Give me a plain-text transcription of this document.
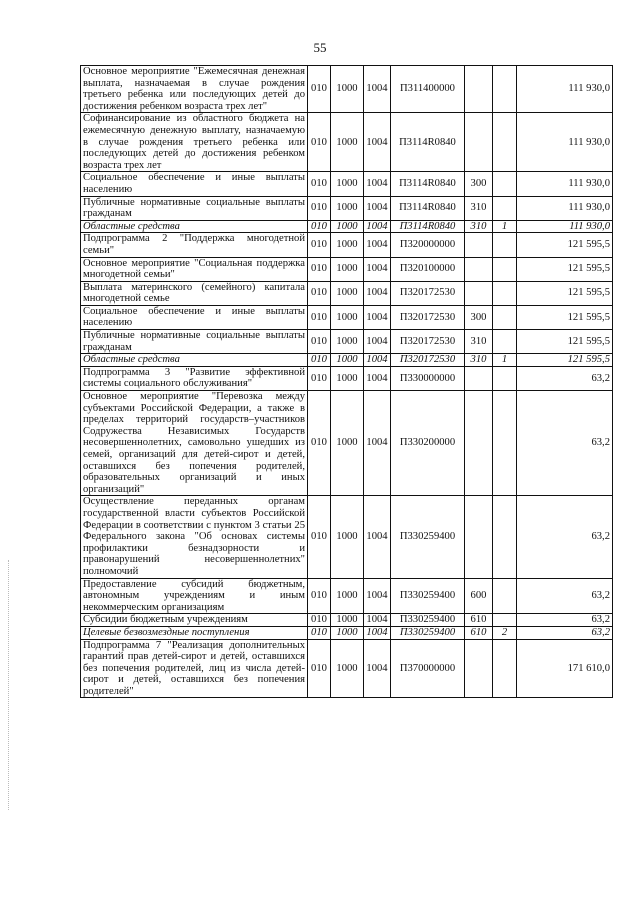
55
Основное мероприятие "Ежемесячная денежная выплата, назначаемая в случае рождения третьего ребенка или последующих детей до достижения ребенком возраста трех лет"	010	1000	1004	П311400000			111 930,0
Софинансирование из областного бюджета на ежемесячную денежную выплату, назначаемую в случае рождения третьего ребенка или последующих детей до достижения ребенком возраста трех лет	010	1000	1004	П3114R0840			111 930,0
Социальное обеспечение и иные выплаты населению	010	1000	1004	П3114R0840	300		111 930,0
Публичные нормативные социальные выплаты гражданам	010	1000	1004	П3114R0840	310		111 930,0
Областные средства	010	1000	1004	П3114R0840	310	1	111 930,0
Подпрограмма 2 "Поддержка многодетной семьи"	010	1000	1004	П320000000			121 595,5
Основное мероприятие "Социальная поддержка многодетной семьи"	010	1000	1004	П320100000			121 595,5
Выплата материнского (семейного) капитала многодетной семье	010	1000	1004	П320172530			121 595,5
Социальное обеспечение и иные выплаты населению	010	1000	1004	П320172530	300		121 595,5
Публичные нормативные социальные выплаты гражданам	010	1000	1004	П320172530	310		121 595,5
Областные средства	010	1000	1004	П320172530	310	1	121 595,5
Подпрограмма 3 "Развитие эффективной системы социального обслуживания"	010	1000	1004	П330000000			63,2
Основное мероприятие "Перевозка между субъектами Российской Федерации, а также в пределах территорий государств–участников Содружества Независимых Государств несовершеннолетних, самовольно ушедших из семей, организаций для детей-сирот и детей, оставшихся без попечения родителей, образовательных организаций и иных организаций"	010	1000	1004	П330200000			63,2
Осуществление переданных органам государственной власти субъектов Российской Федерации в соответствии с пунктом 3 статьи 25 Федерального закона "Об основах системы профилактики безнадзорности и правонарушений несовершеннолетних" полномочий	010	1000	1004	П330259400			63,2
Предоставление субсидий бюджетным, автономным учреждениям и иным некоммерческим организациям	010	1000	1004	П330259400	600		63,2
Субсидии бюджетным учреждениям	010	1000	1004	П330259400	610		63,2
Целевые безвозмездные поступления	010	1000	1004	П330259400	610	2	63,2
Подпрограмма 7 "Реализация дополнительных гарантий прав детей-сирот и детей, оставшихся без попечения родителей, лиц из числа детей-сирот и детей, оставшихся без попечения родителей"	010	1000	1004	П370000000			171 610,0
